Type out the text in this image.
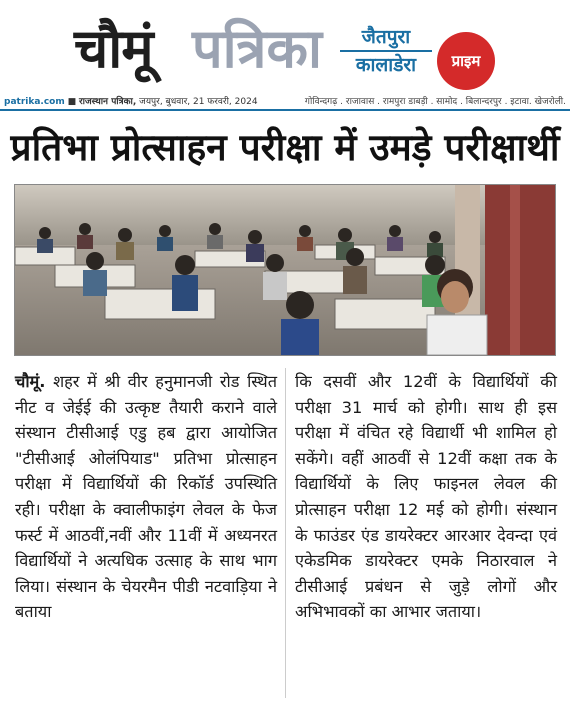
चौमूं पत्रिका	जैतपुरा
कालाडेरा	प्राइम
patrika.com ■ राजस्थान पत्रिका, जयपुर, बुधवार, 21 फरवरी, 2024	गोविन्दगढ़ . राजावास . रामपुरा डाबड़ी . सामोद . बिलान्दरपुर . इटावा. खेजरोली.
प्रतिभा प्रोत्साहन परीक्षा में उमड़े परीक्षार्थी
चौमूं. शहर में श्री वीर हनुमानजी रोड स्थित नीट व जेईई की उत्कृष्ट तैयारी कराने वाले संस्थान टीसीआई एडु हब द्वारा आयोजित "टीसीआई ओलंपियाड" प्रतिभा प्रोत्साहन परीक्षा में विद्यार्थियों की रिकॉर्ड उपस्थिति रही। परीक्षा के क्वालीफाइंग लेवल के फेज फर्स्ट में आठवीं,नवीं और 11वीं में अध्यनरत विद्यार्थियों ने अत्यधिक उत्साह के साथ भाग लिया। संस्थान के चेयरमैन पीडी नटवाड़िया ने बताया
कि दसवीं और 12वीं के विद्यार्थियों की परीक्षा 31 मार्च को होगी। साथ ही इस परीक्षा में वंचित रहे विद्यार्थी भी शामिल हो सकेंगे। वहीं आठवीं से 12वीं कक्षा तक के विद्यार्थियों के लिए फाइनल लेवल की प्रोत्साहन परीक्षा 12 मई को होगी। संस्थान के फाउंडर एंड डायरेक्टर आरआर देवन्दा एवं एकेडमिक डायरेक्टर एमके निठारवाल ने टीसीआई प्रबंधन से जुड़े लोगों और अभिभावकों का आभार जताया।
